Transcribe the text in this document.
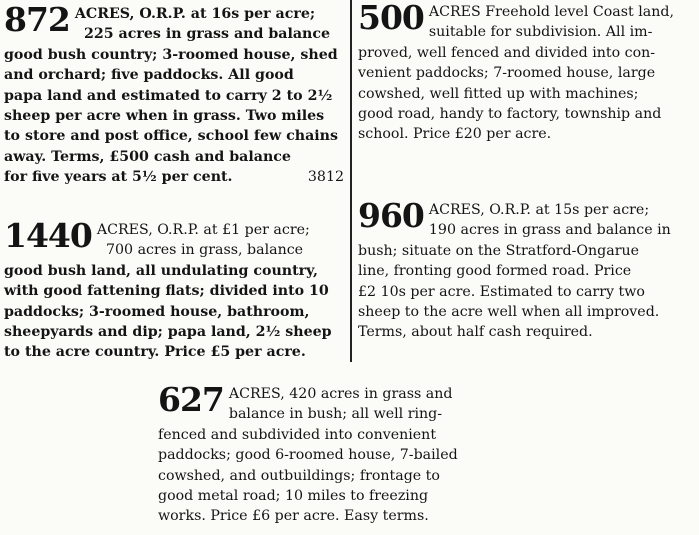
872 ACRES, O.R.P. at 16s per acre;
225 acres in grass and balance
good bush country; 3-roomed house, shed
and orchard; five paddocks. All good
papa land and estimated to carry 2 to 2½
sheep per acre when in grass. Two miles
to store and post office, school few chains
away. Terms, £500 cash and balance
for five years at 5½ per cent.	3812
1440 ACRES, O.R.P. at £1 per acre;
700 acres in grass, balance
good bush land, all undulating country,
with good fattening flats; divided into 10
paddocks; 3-roomed house, bathroom,
sheepyards and dip; papa land, 2½ sheep
to the acre country. Price £5 per acre.
500 ACRES Freehold level Coast land,
suitable for subdivision. All im-
proved, well fenced and divided into con-
venient paddocks; 7-roomed house, large
cowshed, well fitted up with machines;
good road, handy to factory, township and
school. Price £20 per acre.
960 ACRES, O.R.P. at 15s per acre;
190 acres in grass and balance in
bush; situate on the Stratford-Ongarue
line, fronting good formed road. Price
£2 10s per acre. Estimated to carry two
sheep to the acre well when all improved.
Terms, about half cash required.
627 ACRES, 420 acres in grass and
balance in bush; all well ring-
fenced and subdivided into convenient
paddocks; good 6-roomed house, 7-bailed
cowshed, and outbuildings; frontage to
good metal road; 10 miles to freezing
works. Price £6 per acre. Easy terms.
